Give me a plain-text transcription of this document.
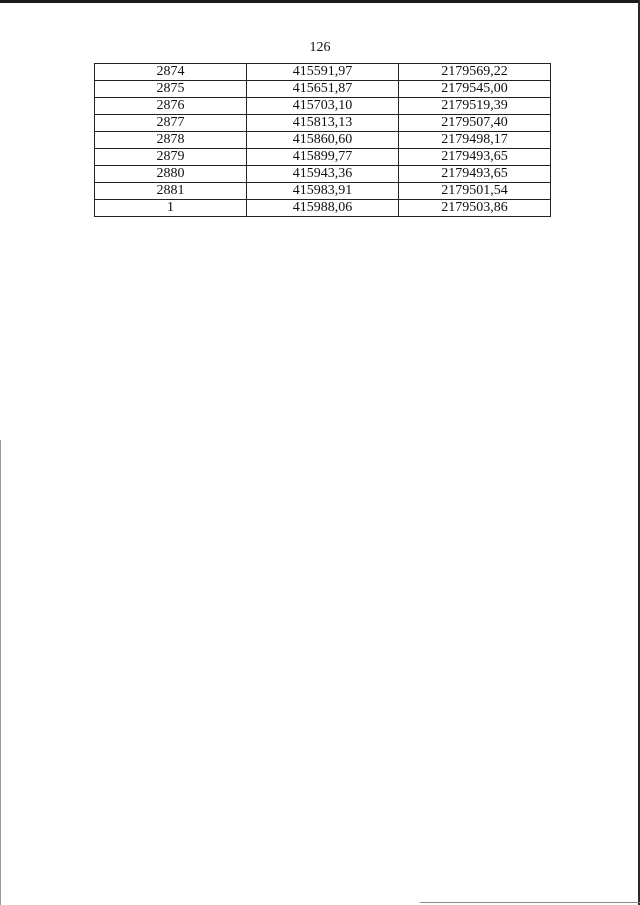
126
2874	415591,97	2179569,22
2875	415651,87	2179545,00
2876	415703,10	2179519,39
2877	415813,13	2179507,40
2878	415860,60	2179498,17
2879	415899,77	2179493,65
2880	415943,36	2179493,65
2881	415983,91	2179501,54
1	415988,06	2179503,86
